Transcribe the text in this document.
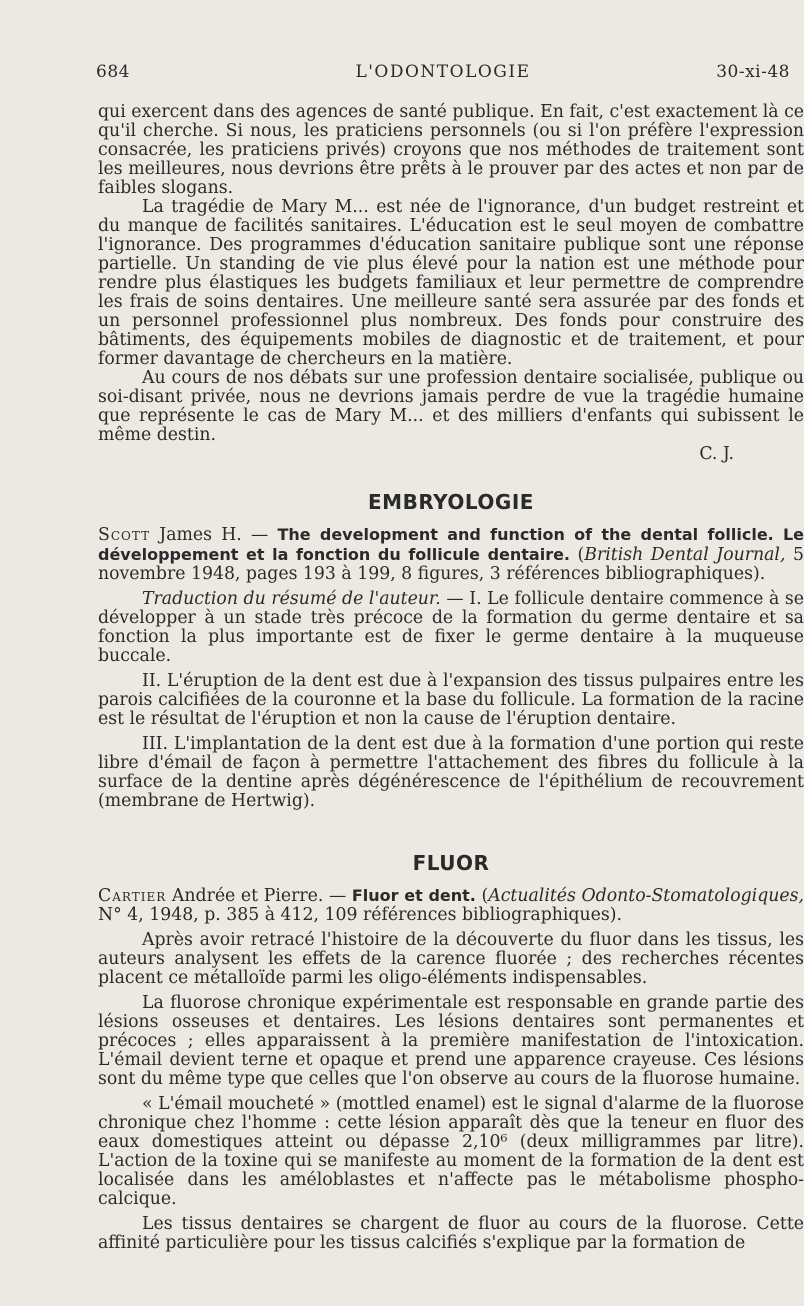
684	L'ODONTOLOGIE	30-xi-48

qui exercent dans des agences de santé publique. En fait, c'est exactement là ce qu'il cherche. Si nous, les praticiens personnels (ou si l'on préfère l'expression consacrée, les praticiens privés) croyons que nos méthodes de traitement sont les meilleures, nous devrions être prêts à le prouver par des actes et non par de faibles slogans.

La tragédie de Mary M... est née de l'ignorance, d'un budget restreint et du manque de facilités sanitaires. L'éducation est le seul moyen de combattre l'ignorance. Des programmes d'éducation sanitaire publique sont une réponse partielle. Un standing de vie plus élevé pour la nation est une méthode pour rendre plus élastiques les budgets familiaux et leur permettre de comprendre les frais de soins dentaires. Une meilleure santé sera assurée par des fonds et un personnel professionnel plus nombreux. Des fonds pour construire des bâtiments, des équipements mobiles de diagnostic et de traitement, et pour former davantage de chercheurs en la matière.

Au cours de nos débats sur une profession dentaire socialisée, publique ou soi-disant privée, nous ne devrions jamais perdre de vue la tragédie humaine que représente le cas de Mary M... et des milliers d'enfants qui subissent le même destin.

C. J.
EMBRYOLOGIE

Scott James H. — The development and function of the dental follicle. Le développement et la fonction du follicule dentaire. (British Dental Journal, 5 novembre 1948, pages 193 à 199, 8 figures, 3 références bibliographiques).

Traduction du résumé de l'auteur. — I. Le follicule dentaire commence à se développer à un stade très précoce de la formation du germe dentaire et sa fonction la plus importante est de fixer le germe dentaire à la muqueuse buccale.

II. L'éruption de la dent est due à l'expansion des tissus pulpaires entre les parois calcifiées de la couronne et la base du follicule. La formation de la racine est le résultat de l'éruption et non la cause de l'éruption dentaire.

III. L'implantation de la dent est due à la formation d'une portion qui reste libre d'émail de façon à permettre l'attachement des fibres du follicule à la surface de la dentine après dégénérescence de l'épithélium de recouvrement (membrane de Hertwig).

FLUOR

Cartier Andrée et Pierre. — Fluor et dent. (Actualités Odonto-Stomatologiques, N° 4, 1948, p. 385 à 412, 109 références bibliographiques).

Après avoir retracé l'histoire de la découverte du fluor dans les tissus, les auteurs analysent les effets de la carence fluorée ; des recherches récentes placent ce métalloïde parmi les oligo-éléments indispensables.

La fluorose chronique expérimentale est responsable en grande partie des lésions osseuses et dentaires. Les lésions dentaires sont permanentes et précoces ; elles apparaissent à la première manifestation de l'intoxication. L'émail devient terne et opaque et prend une apparence crayeuse. Ces lésions sont du même type que celles que l'on observe au cours de la fluorose humaine.

« L'émail moucheté » (mottled enamel) est le signal d'alarme de la fluorose chronique chez l'homme : cette lésion apparaît dès que la teneur en fluor des eaux domestiques atteint ou dépasse 2,10⁶ (deux milligrammes par litre). L'action de la toxine qui se manifeste au moment de la formation de la dent est localisée dans les améloblastes et n'affecte pas le métabolisme phospho-calcique.

Les tissus dentaires se chargent de fluor au cours de la fluorose. Cette affinité particulière pour les tissus calcifiés s'explique par la formation de
